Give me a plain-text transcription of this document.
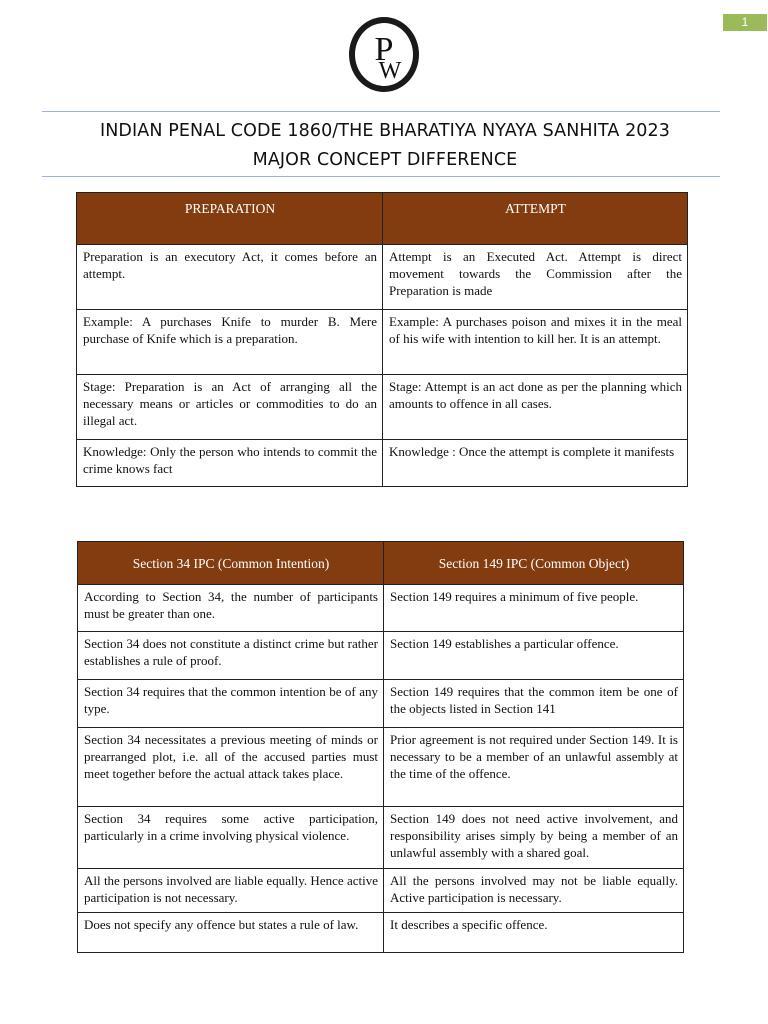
1
P
W
INDIAN PENAL CODE 1860/THE BHARATIYA NYAYA SANHITA 2023
MAJOR CONCEPT DIFFERENCE
PREPARATION	ATTEMPT
Preparation is an executory Act, it comes before an attempt.	Attempt is an Executed Act. Attempt is direct movement towards the Commission after the Preparation is made
Example: A purchases Knife to murder B. Mere purchase of Knife which is a preparation.	Example: A purchases poison and mixes it in the meal of his wife with intention to kill her. It is an attempt.
Stage: Preparation is an Act of arranging all the necessary means or articles or commodities to do an illegal act.	Stage: Attempt is an act done as per the planning which amounts to offence in all cases.
Knowledge: Only the person who intends to commit the crime knows fact	Knowledge : Once the attempt is complete it manifests
Section 34 IPC (Common Intention)	Section 149 IPC (Common Object)
According to Section 34, the number of participants must be greater than one.	Section 149 requires a minimum of five people.
Section 34 does not constitute a distinct crime but rather establishes a rule of proof.	Section 149 establishes a particular offence.
Section 34 requires that the common intention be of any type.	Section 149 requires that the common item be one of the objects listed in Section 141
Section 34 necessitates a previous meeting of minds or prearranged plot, i.e. all of the accused parties must meet together before the actual attack takes place.	Prior agreement is not required under Section 149. It is necessary to be a member of an unlawful assembly at the time of the offence.
Section 34 requires some active participation, particularly in a crime involving physical violence.	Section 149 does not need active involvement, and responsibility arises simply by being a member of an unlawful assembly with a shared goal.
All the persons involved are liable equally. Hence active participation is not necessary.	All the persons involved may not be liable equally. Active participation is necessary.
Does not specify any offence but states a rule of law.	It describes a specific offence.
